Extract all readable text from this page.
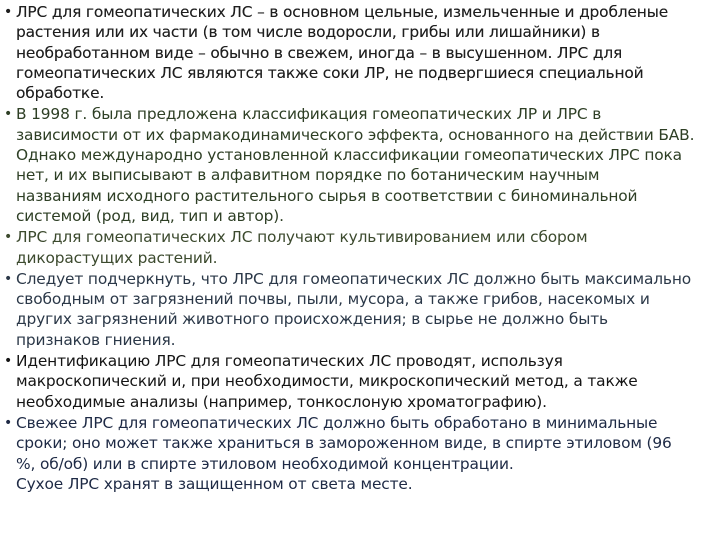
• ЛРС для гомеопатических ЛС – в основном цельные, измельченные и дробленые
растения или их части (в том числе водоросли, грибы или лишайники) в
необработанном виде – обычно в свежем, иногда – в высушенном. ЛРС для
гомеопатических ЛС являются также соки ЛР, не подвергшиеся специальной
обработке.
• В 1998 г. была предложена классификация гомеопатических ЛР и ЛРС в
зависимости от их фармакодинамического эффекта, основанного на действии БАВ.
Однако международно установленной классификации гомеопатических ЛРС пока
нет, и их выписывают в алфавитном порядке по ботаническим научным
названиям исходного растительного сырья в соответствии с биноминальной
системой (род, вид, тип и автор).
• ЛРС для гомеопатических ЛС получают культивированием или сбором
дикорастущих растений.
• Следует подчеркнуть, что ЛРС для гомеопатических ЛС должно быть максимально
свободным от загрязнений почвы, пыли, мусора, а также грибов, насекомых и
других загрязнений животного происхождения; в сырье не должно быть
признаков гниения.
• Идентификацию ЛРС для гомеопатических ЛС проводят, используя
макроскопический и, при необходимости, микроскопический метод, а также
необходимые анализы (например, тонкослоную хроматографию).
• Свежее ЛРС для гомеопатических ЛС должно быть обработано в минимальные
сроки; оно может также храниться в замороженном виде, в спирте этиловом (96
%, об/об) или в спирте этиловом необходимой концентрации.
Сухое ЛРС хранят в защищенном от света месте.
